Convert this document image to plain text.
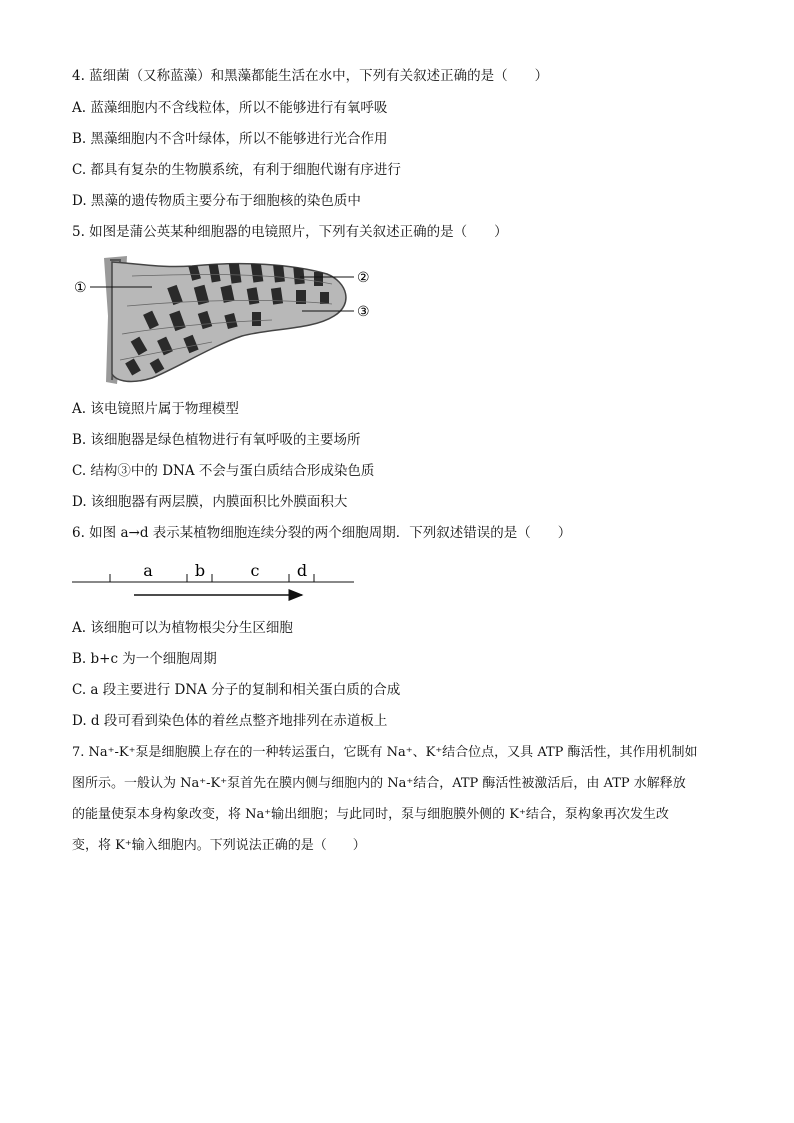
4. 蓝细菌（又称蓝藻）和黑藻都能生活在水中，下列有关叙述正确的是（　　）
A. 蓝藻细胞内不含线粒体，所以不能够进行有氧呼吸
B. 黑藻细胞内不含叶绿体，所以不能够进行光合作用
C. 都具有复杂的生物膜系统，有利于细胞代谢有序进行
D. 黑藻的遗传物质主要分布于细胞核的染色质中
5. 如图是蒲公英某种细胞器的电镜照片，下列有关叙述正确的是（　　）
①
②
③
A. 该电镜照片属于物理模型
B. 该细胞器是绿色植物进行有氧呼吸的主要场所
C. 结构③中的 DNA 不会与蛋白质结合形成染色质
D. 该细胞器有两层膜，内膜面积比外膜面积大
6. 如图 a→d 表示某植物细胞连续分裂的两个细胞周期．下列叙述错误的是（　　）
a	b	c d
A. 该细胞可以为植物根尖分生区细胞
B. b+c 为一个细胞周期
C. a 段主要进行 DNA 分子的复制和相关蛋白质的合成
D. d 段可看到染色体的着丝点整齐地排列在赤道板上
7. Na⁺-K⁺泵是细胞膜上存在的一种转运蛋白，它既有 Na⁺、K⁺结合位点，又具 ATP 酶活性，其作用机制如
图所示。一般认为 Na⁺-K⁺泵首先在膜内侧与细胞内的 Na⁺结合，ATP 酶活性被激活后，由 ATP 水解释放
的能量使泵本身构象改变，将 Na⁺输出细胞；与此同时，泵与细胞膜外侧的 K⁺结合，泵构象再次发生改
变，将 K⁺输入细胞内。下列说法正确的是（　　）
